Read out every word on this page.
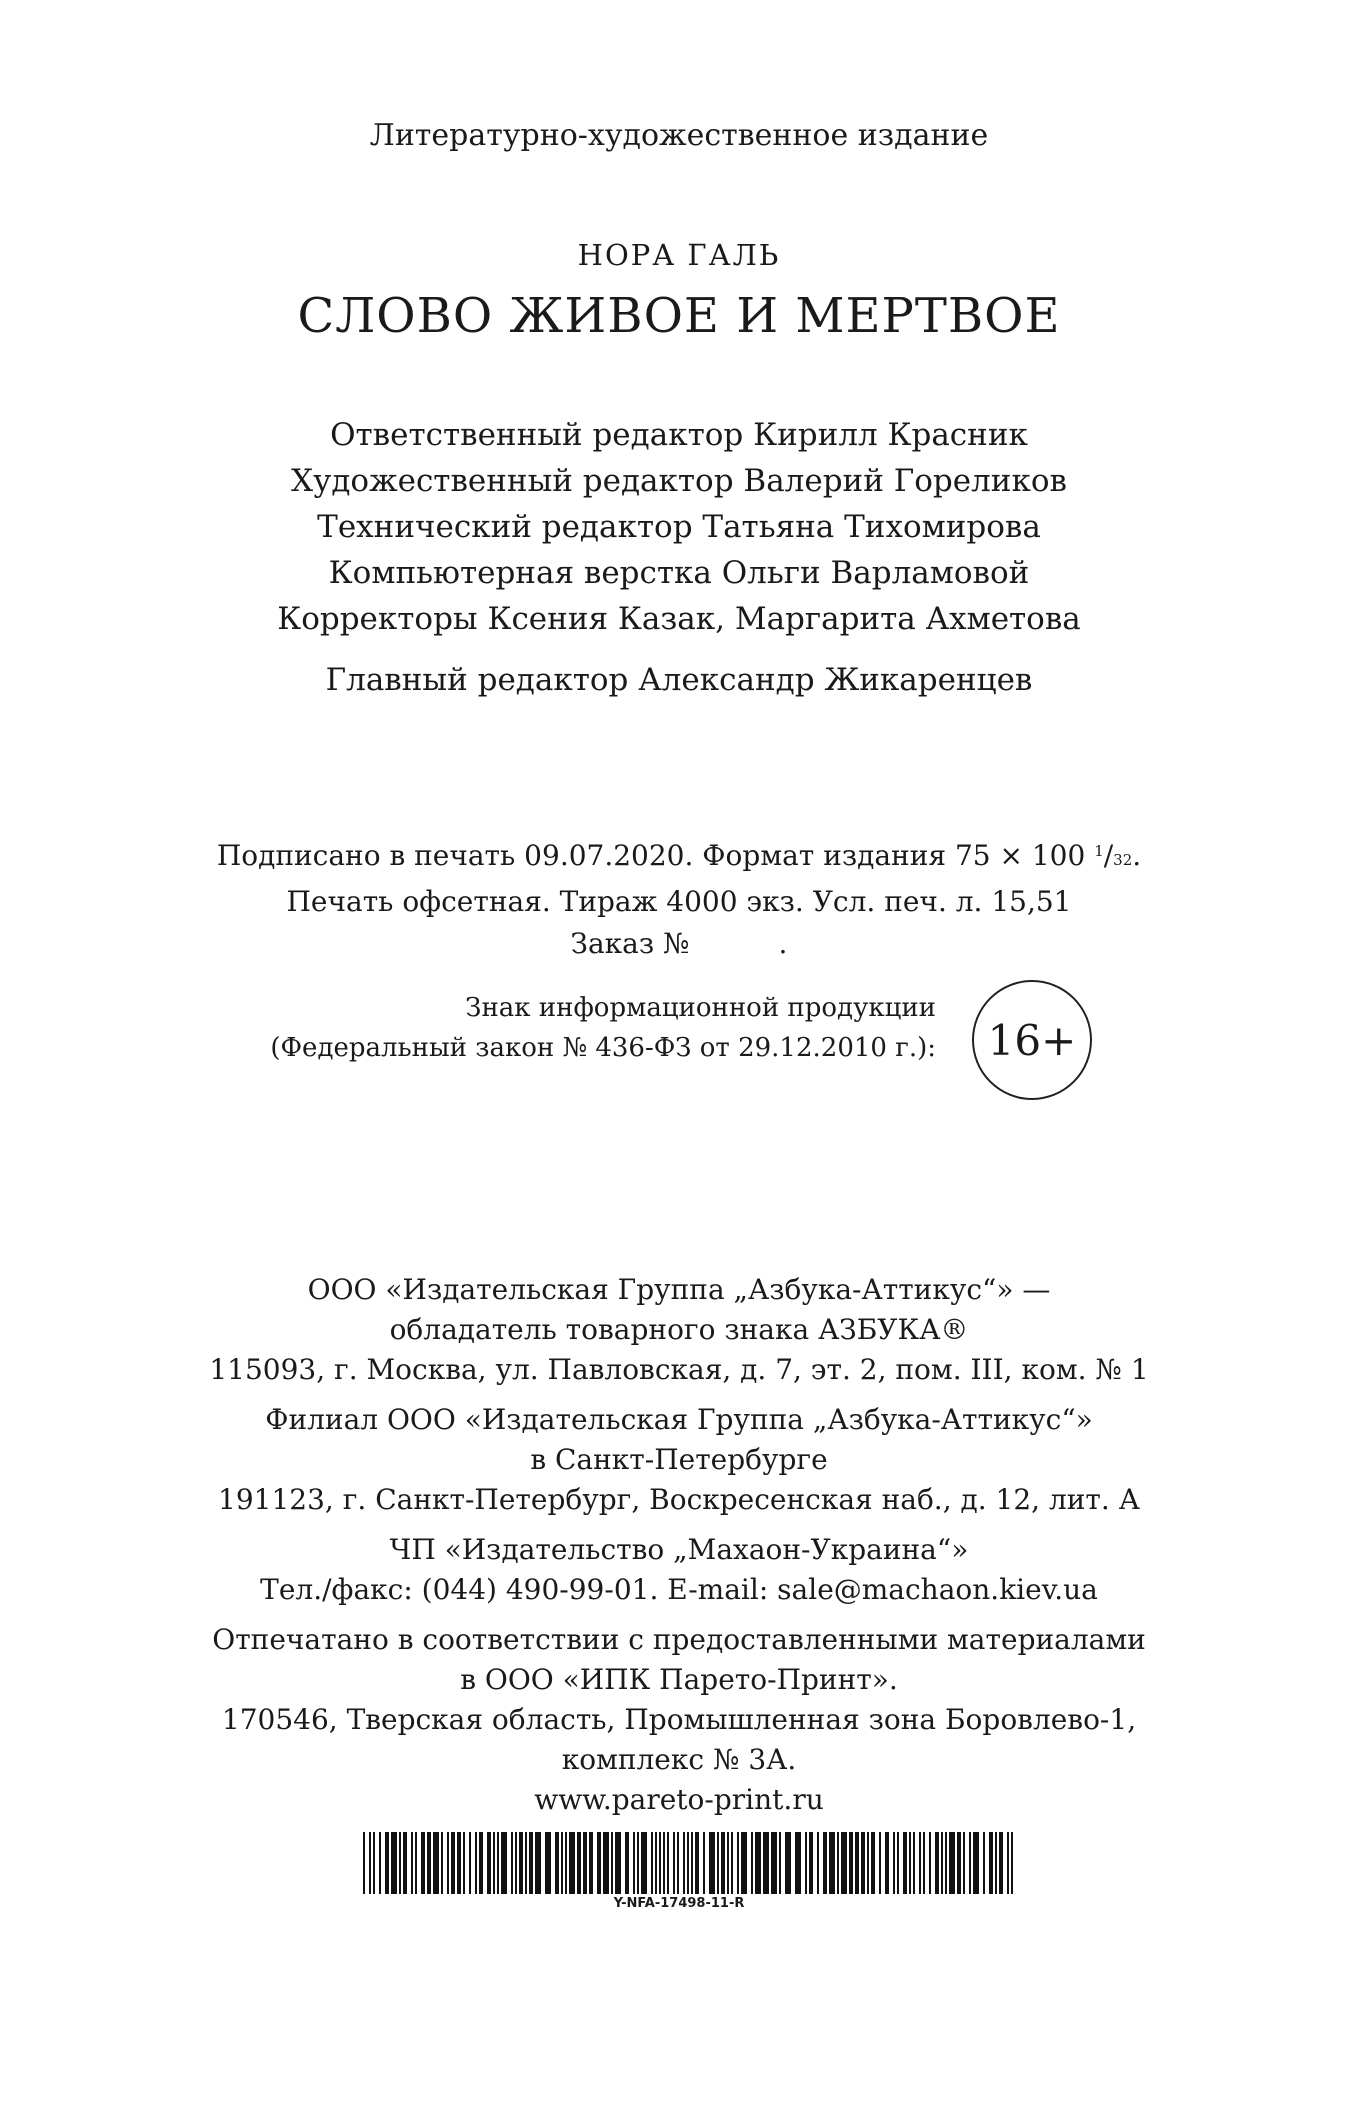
Литературно-художественное издание
НОРА ГАЛЬ
СЛОВО ЖИВОЕ И МЕРТВОЕ
Ответственный редактор Кирилл Красник
Художественный редактор Валерий Гореликов
Технический редактор Татьяна Тихомирова
Компьютерная верстка Ольги Варламовой
Корректоры Ксения Казак, Маргарита Ахметова
Главный редактор Александр Жикаренцев
Подписано в печать 09.07.2020. Формат издания 75 × 100 $^1$/32.
Печать офсетная. Тираж 4000 экз. Усл. печ. л. 15,51
Заказ №          .
Знак информационной продукции
(Федеральный закон № 436-ФЗ от 29.12.2010 г.):	16+
ООО «Издательская Группа „Азбука-Аттикус“» —
обладатель товарного знака АЗБУКА®
115093, г. Москва, ул. Павловская, д. 7, эт. 2, пом. III, ком. № 1
Филиал ООО «Издательская Группа „Азбука-Аттикус“»
в Санкт-Петербурге
191123, г. Санкт-Петербург, Воскресенская наб., д. 12, лит. А
ЧП «Издательство „Махаон-Украина“»
Тел./факс: (044) 490-99-01. E-mail: sale@machaon.kiev.ua
Отпечатано в соответствии с предоставленными материалами
в ООО «ИПК Парето-Принт».
170546, Тверская область, Промышленная зона Боровлево-1,
комплекс № 3А.
www.pareto-print.ru
Y-NFA-17498-11-R
